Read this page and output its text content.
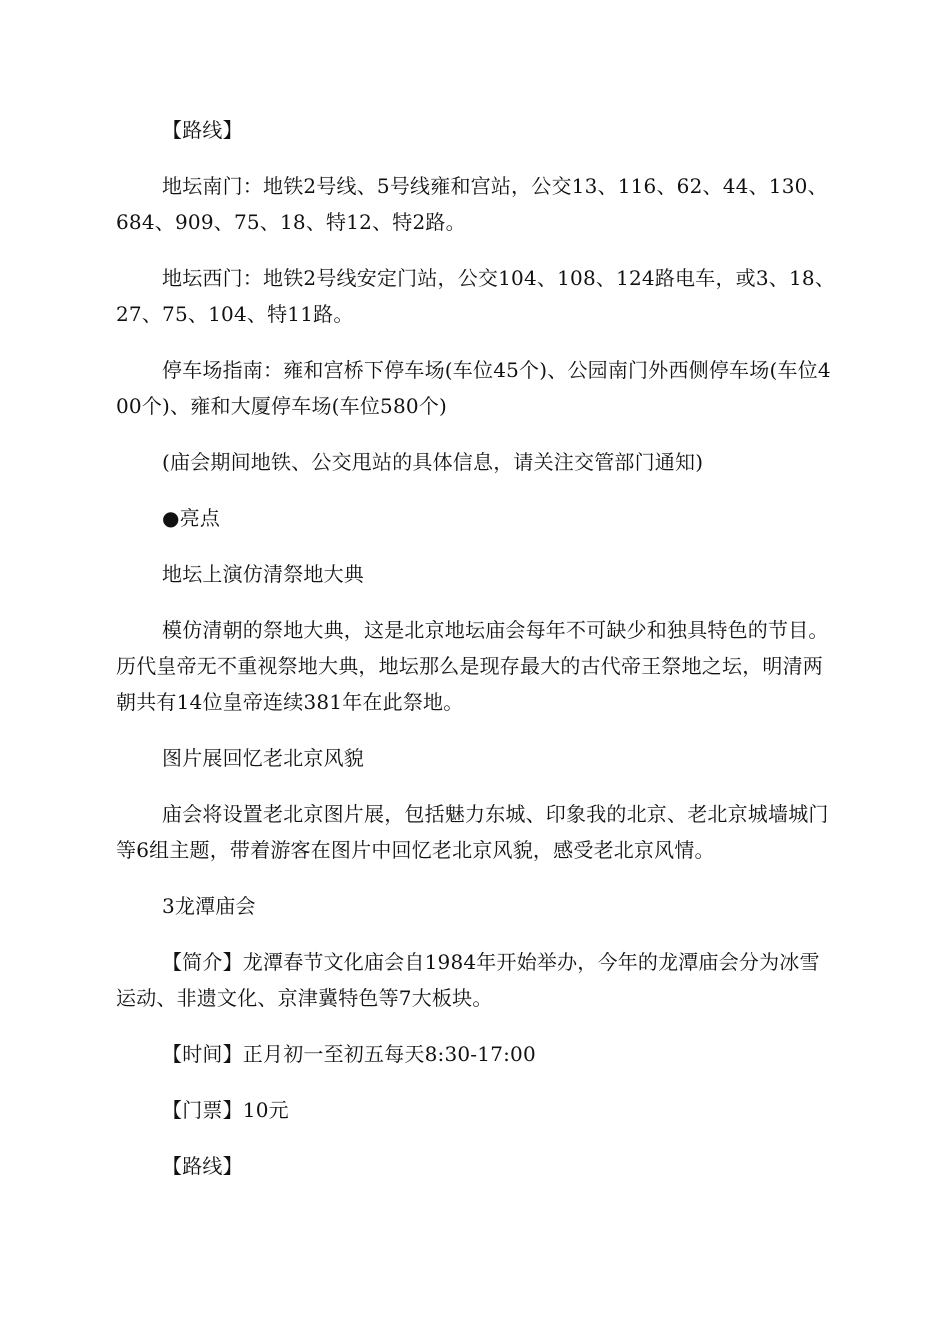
【路线】

地坛南门：地铁2号线、5号线雍和宫站，公交13、116、62、44、130、684、909、75、18、特12、特2路。

地坛西门：地铁2号线安定门站，公交104、108、124路电车，或3、18、27、75、104、特11路。

停车场指南：雍和宫桥下停车场(车位45个)、公园南门外西侧停车场(车位400个)、雍和大厦停车场(车位580个)

(庙会期间地铁、公交甩站的具体信息，请关注交管部门通知)

●亮点

地坛上演仿清祭地大典

模仿清朝的祭地大典，这是北京地坛庙会每年不可缺少和独具特色的节目。历代皇帝无不重视祭地大典，地坛那么是现存最大的古代帝王祭地之坛，明清两朝共有14位皇帝连续381年在此祭地。

图片展回忆老北京风貌

庙会将设置老北京图片展，包括魅力东城、印象我的北京、老北京城墙城门等6组主题，带着游客在图片中回忆老北京风貌，感受老北京风情。

3龙潭庙会

【简介】龙潭春节文化庙会自1984年开始举办，今年的龙潭庙会分为冰雪运动、非遗文化、京津冀特色等7大板块。

【时间】正月初一至初五每天8:30-17:00

【门票】10元

【路线】
